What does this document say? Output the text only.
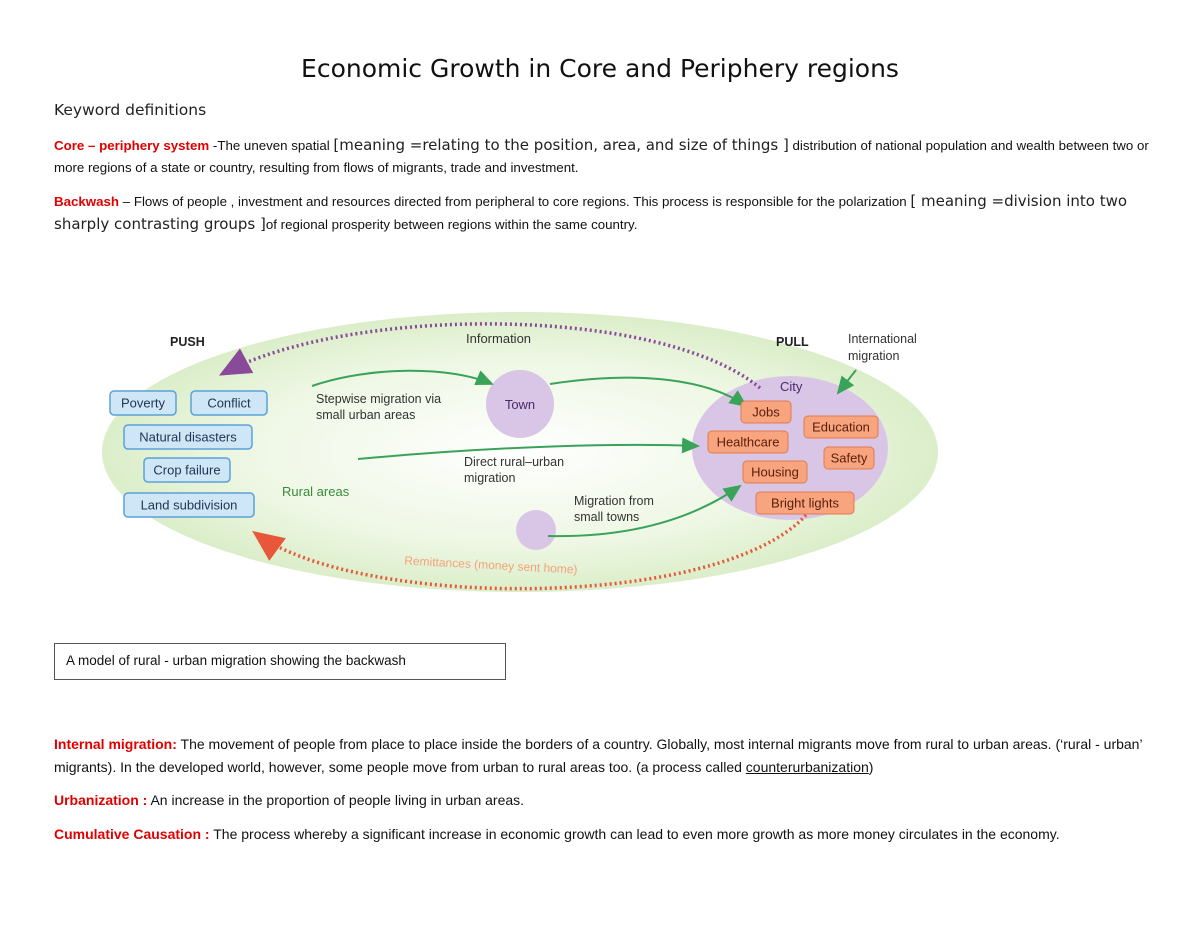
Economic Growth in Core and Periphery regions
Keyword definitions
Core – periphery system -The uneven spatial [meaning =relating to the position, area, and size of things ] distribution of national population and wealth between two or more regions of a state or country, resulting from flows of migrants, trade and investment.
Backwash – Flows of people , investment and resources directed from peripheral to core regions. This process is responsible for the polarization [ meaning =division into two sharply contrasting groups ]of regional prosperity between regions within the same country.
Poverty	Conflict
Natural disasters
Crop failure
Land subdivision
Jobs
Education
Healthcare
Safety
Housing
Bright lights
PUSH	PULL
Information	International
migration
City
Town
Rural areas
Stepwise migration via
small urban areas
Direct rural–urban
migration
Migration from
small towns
Remittances (money sent home)
A model of rural - urban migration showing the backwash
Internal migration: The movement of people from place to place inside the borders of a country. Globally, most internal migrants move from rural to urban areas. (‘rural - urban’ migrants). In the developed world, however, some people move from urban to rural areas too. (a process called counterurbanization)
Urbanization : An increase in the proportion of people living in urban areas.
Cumulative Causation : The process whereby a significant increase in economic growth can lead to even more growth as more money circulates in the economy.
